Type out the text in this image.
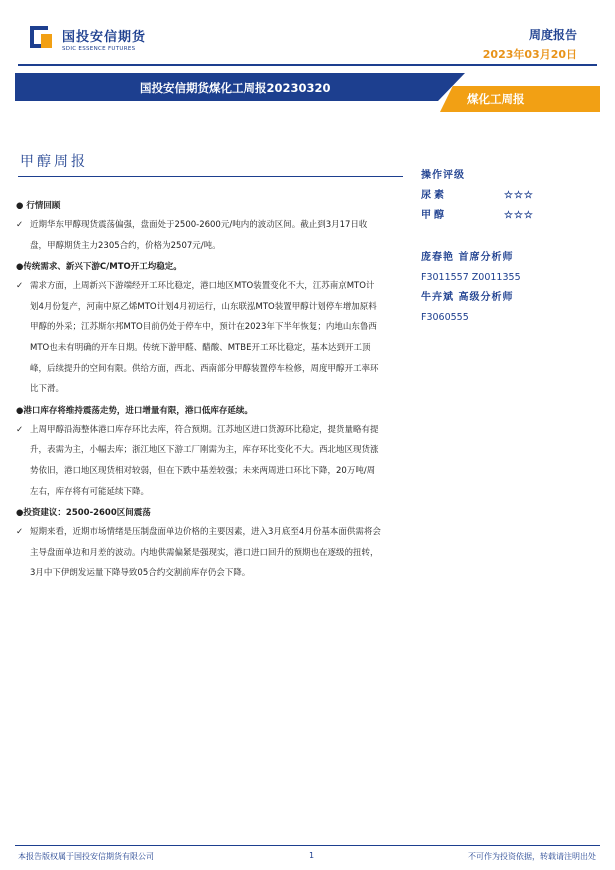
国投安信期货
SDIC ESSENCE FUTURES
周度报告
2023年03月20日
国投安信期货煤化工周报20230320
煤化工周报
甲醇周报
● 行情回顾
✓ 近期华东甲醇现货震荡偏强，盘面处于2500-2600元/吨内的波动区间。截止到3月17日收盘，甲醇期货主力2305合约，价格为2507元/吨。
●传统需求、新兴下游C/MTO开工均稳定。
✓ 需求方面，上周新兴下游端经开工环比稳定，港口地区MTO装置变化不大，江苏南京MTO计划4月份复产，河南中原乙烯MTO计划4月初运行，山东联泓MTO装置甲醇计划停车增加原料甲醇的外采；江苏斯尔邦MTO目前仍处于停车中，预计在2023年下半年恢复；内地山东鲁西MTO也未有明确的开车日期。传统下游甲醛、醋酸、MTBE开工环比稳定，基本达到开工顶峰，后续提升的空间有限。供给方面，西北、西南部分甲醇装置停车检修，周度甲醇开工率环比下滑。
●港口库存将维持震荡走势，进口增量有限，港口低库存延续。
✓ 上周甲醇沿海整体港口库存环比去库，符合预期。江苏地区进口货源环比稳定，提货量略有提升，表需为主，小幅去库；浙江地区下游工厂刚需为主，库存环比变化不大。西北地区现货涨势依旧，港口地区现货相对较弱，但在下跌中基差较强；未来两周进口环比下降，20万吨/周左右，库存将有可能延续下降。
●投资建议：2500-2600区间震荡
✓ 短期来看，近期市场情绪是压制盘面单边价格的主要因素，进入3月底至4月份基本面供需将会主导盘面单边和月差的波动。内地供需偏紧是强现实，港口进口回升的预期也在逐级的扭转，3月中下伊朗发运量下降导致05合约交割前库存仍会下降。
操作评级
尿素	☆☆☆
甲醇	☆☆☆
庞春艳 首席分析师
F3011557 Z0011355
牛卉斌 高级分析师
F3060555
本报告版权属于国投安信期货有限公司	1	不可作为投资依据，转载请注明出处
